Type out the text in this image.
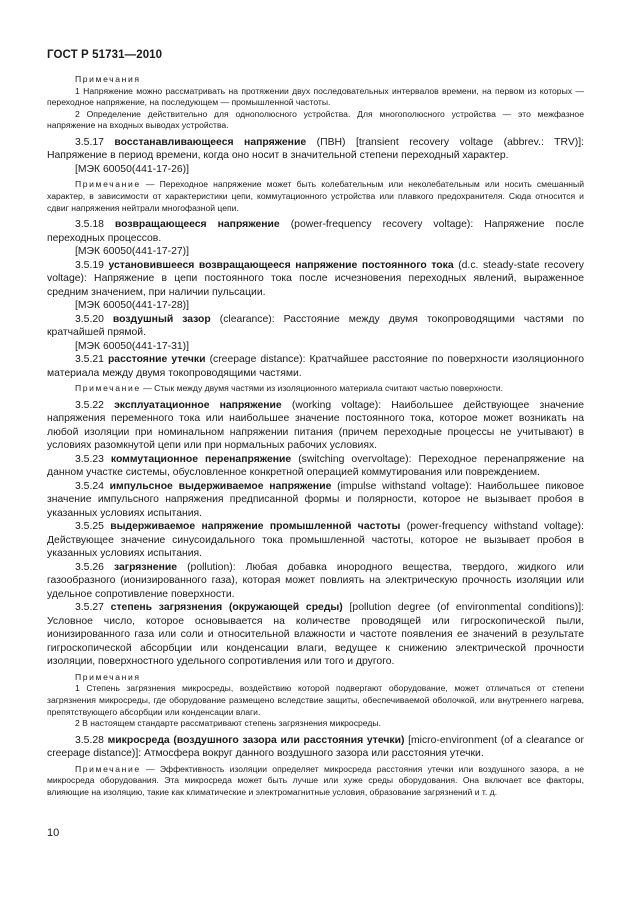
ГОСТ Р 51731—2010

Примечания

1 Напряжение можно рассматривать на протяжении двух последовательных интервалов времени, на первом из которых — переходное напряжение, на последующем — промышленной частоты.

2 Определение действительно для однополюсного устройства. Для многополюсного устройства — это межфазное напряжение на входных выводах устройства.

3.5.17 восстанавливающееся напряжение (ПВН) [transient recovery voltage (abbrev.: TRV)]: Напряжение в период времени, когда оно носит в значительной степени переходный характер.

[МЭК 60050(441-17-26)]

Примечание — Переходное напряжение может быть колебательным или неколебательным или носить смешанный характер, в зависимости от характеристики цепи, коммутационного устройства или плавкого предохранителя. Сюда относится и сдвиг напряжения нейтрали многофазной цепи.

3.5.18 возвращающееся напряжение (power-frequency recovery voltage): Напряжение после переходных процессов.

[МЭК 60050(441-17-27)]

3.5.19 установившееся возвращающееся напряжение постоянного тока (d.c. steady-state recovery voltage): Напряжение в цепи постоянного тока после исчезновения переходных явлений, выраженное средним значением, при наличии пульсации.

[МЭК 60050(441-17-28)]

3.5.20 воздушный зазор (clearance): Расстояние между двумя токопроводящими частями по кратчайшей прямой.

[МЭК 60050(441-17-31)]

3.5.21 расстояние утечки (creepage distance): Кратчайшее расстояние по поверхности изоляционного материала между двумя токопроводящими частями.

Примечание — Стык между двумя частями из изоляционного материала считают частью поверхности.

3.5.22 эксплуатационное напряжение (working voltage): Наибольшее действующее значение напряжения переменного тока или наибольшее значение постоянного тока, которое может возникать на любой изоляции при номинальном напряжении питания (причем переходные процессы не учитывают) в условиях разомкнутой цепи или при нормальных рабочих условиях.

3.5.23 коммутационное перенапряжение (switching overvoltage): Переходное перенапряжение на данном участке системы, обусловленное конкретной операцией коммутирования или повреждением.

3.5.24 импульсное выдерживаемое напряжение (impulse withstand voltage): Наибольшее пиковое значение импульсного напряжения предписанной формы и полярности, которое не вызывает пробоя в указанных условиях испытания.

3.5.25 выдерживаемое напряжение промышленной частоты (power-frequency withstand voltage): Действующее значение синусоидального тока промышленной частоты, которое не вызывает пробоя в указанных условиях испытания.

3.5.26 загрязнение (pollution): Любая добавка инородного вещества, твердого, жидкого или газообразного (ионизированного газа), которая может повлиять на электрическую прочность изоляции или удельное сопротивление поверхности.

3.5.27 степень загрязнения (окружающей среды) [pollution degree (of environmental conditions)]: Условное число, которое основывается на количестве проводящей или гигроскопической пыли, ионизированного газа или соли и относительной влажности и частоте появления ее значений в результате гигроскопической абсорбции или конденсации влаги, ведущее к снижению электрической прочности изоляции, поверхностного удельного сопротивления или того и другого.

Примечания

1 Степень загрязнения микросреды, воздействию которой подвергают оборудование, может отличаться от степени загрязнения микросреды, где оборудование размещено вследствие защиты, обеспечиваемой оболочкой, или внутреннего нагрева, препятствующего абсорбции или конденсации влаги.

2 В настоящем стандарте рассматривают степень загрязнения микросреды.

3.5.28 микросреда (воздушного зазора или расстояния утечки) [micro-environment (of a clearance or creepage distance)]: Атмосфера вокруг данного воздушного зазора или расстояния утечки.

Примечание — Эффективность изоляции определяет микросреда расстояния утечки или воздушного зазора, а не микросреда оборудования. Эта микросреда может быть лучше или хуже среды оборудования. Она включает все факторы, влияющие на изоляцию, такие как климатические и электромагнитные условия, образование загрязнений и т. д.

10
